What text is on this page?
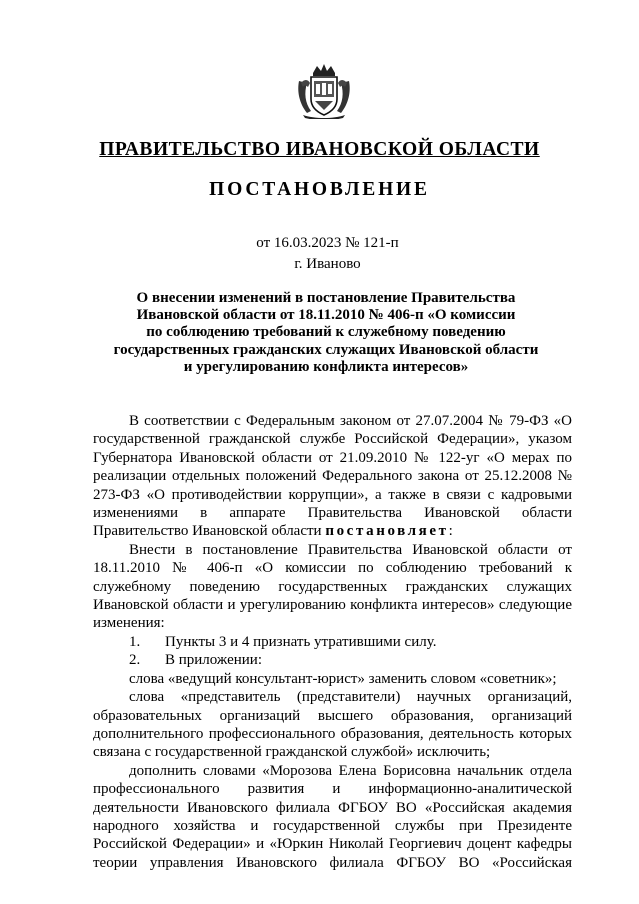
ПРАВИТЕЛЬСТВО ИВАНОВСКОЙ ОБЛАСТИ
ПОСТАНОВЛЕНИЕ
от 16.03.2023 № 121-п
г. Иваново
О внесении изменений в постановление Правительства
Ивановской области от 18.11.2010 № 406-п «О комиссии
по соблюдению требований к служебному поведению
государственных гражданских служащих Ивановской области
и урегулированию конфликта интересов»

В соответствии с Федеральным законом от 27.07.2004 № 79-ФЗ «О государственной гражданской службе Российской Федерации», указом Губернатора Ивановской области от 21.09.2010 № 122-уг «О мерах по реализации отдельных положений Федерального закона от 25.12.2008 № 273-ФЗ «О противодействии коррупции», а также в связи с кадровыми изменениями в аппарате Правительства Ивановской области Правительство Ивановской области постановляет:

Внести в постановление Правительства Ивановской области от 18.11.2010 № 406-п «О комиссии по соблюдению требований к служебному поведению государственных гражданских служащих Ивановской области и урегулированию конфликта интересов» следующие изменения:

1.	Пункты 3 и 4 признать утратившими силу.
2.	В приложении:

слова «ведущий консультант-юрист» заменить словом «советник»;

слова «представитель (представители) научных организаций, образовательных организаций высшего образования, организаций дополнительного профессионального образования, деятельность которых связана с государственной гражданской службой» исключить;

дополнить словами «Морозова Елена Борисовна начальник отдела профессионального развития и информационно-аналитической деятельности Ивановского филиала ФГБОУ ВО «Российская академия народного хозяйства и государственной службы при Президенте Российской Федерации» и «Юркин Николай Георгиевич доцент кафедры теории управления Ивановского филиала ФГБОУ ВО «Российская
